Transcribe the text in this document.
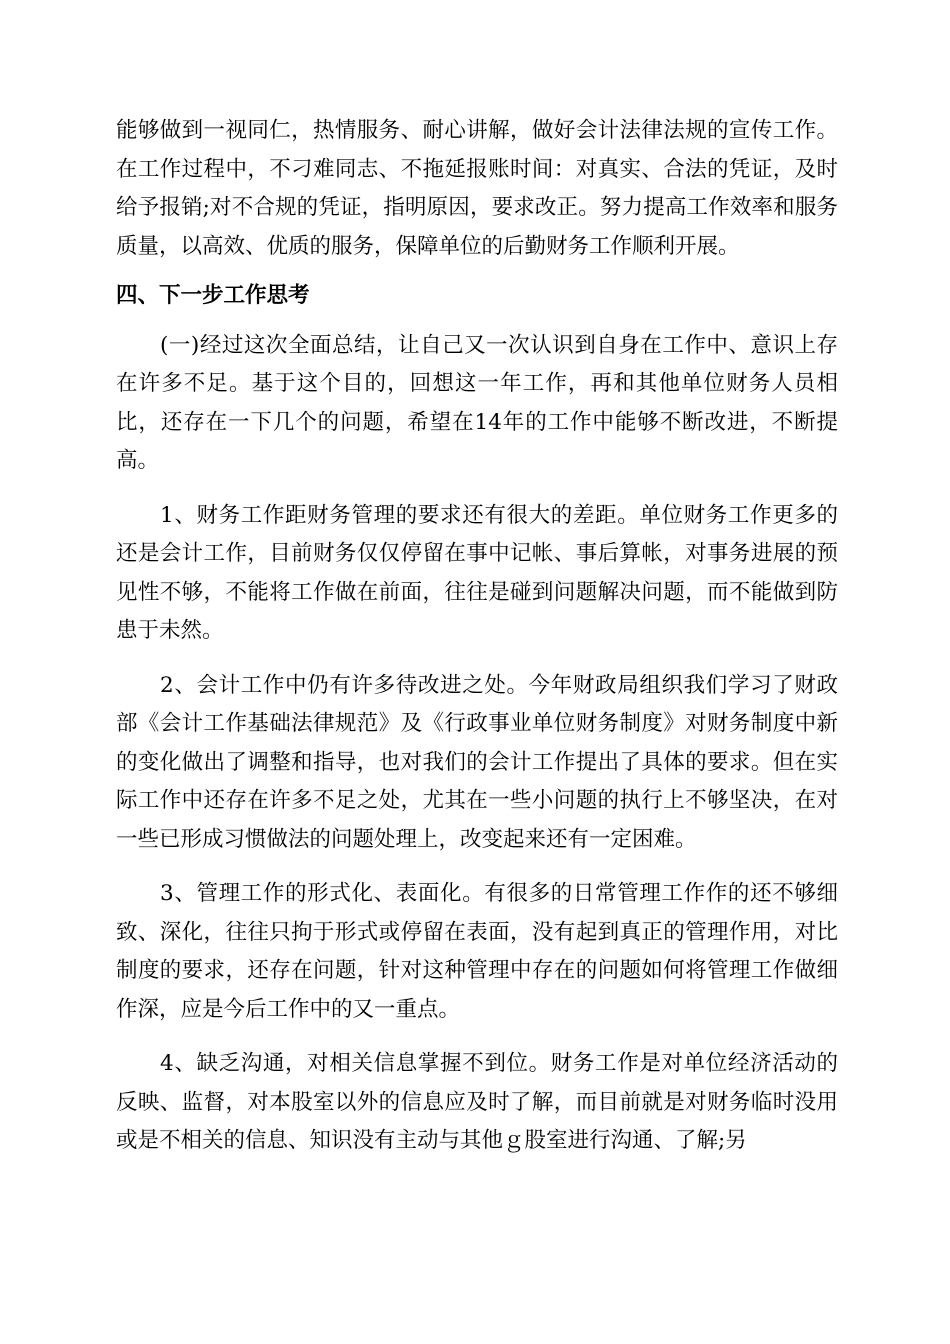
能够做到一视同仁，热情服务、耐心讲解，做好会计法律法规的宣传工作。在工作过程中，不刁难同志、不拖延报账时间：对真实、合法的凭证，及时给予报销;对不合规的凭证，指明原因，要求改正。努力提高工作效率和服务质量，以高效、优质的服务，保障单位的后勤财务工作顺利开展。

四、下一步工作思考

(一)经过这次全面总结，让自己又一次认识到自身在工作中、意识上存在许多不足。基于这个目的，回想这一年工作，再和其他单位财务人员相比，还存在一下几个的问题，希望在14年的工作中能够不断改进，不断提高。

1、财务工作距财务管理的要求还有很大的差距。单位财务工作更多的还是会计工作，目前财务仅仅停留在事中记帐、事后算帐，对事务进展的预见性不够，不能将工作做在前面，往往是碰到问题解决问题，而不能做到防患于未然。

2、会计工作中仍有许多待改进之处。今年财政局组织我们学习了财政部《会计工作基础法律规范》及《行政事业单位财务制度》对财务制度中新的变化做出了调整和指导，也对我们的会计工作提出了具体的要求。但在实际工作中还存在许多不足之处，尤其在一些小问题的执行上不够坚决，在对一些已形成习惯做法的问题处理上，改变起来还有一定困难。

3、管理工作的形式化、表面化。有很多的日常管理工作作的还不够细致、深化，往往只拘于形式或停留在表面，没有起到真正的管理作用，对比制度的要求，还存在问题，针对这种管理中存在的问题如何将管理工作做细作深，应是今后工作中的又一重点。

4、缺乏沟通，对相关信息掌握不到位。财务工作是对单位经济活动的反映、监督，对本股室以外的信息应及时了解，而目前就是对财务临时没用或是不相关的信息、知识没有主动与其他ｇ股室进行沟通、了解;另
